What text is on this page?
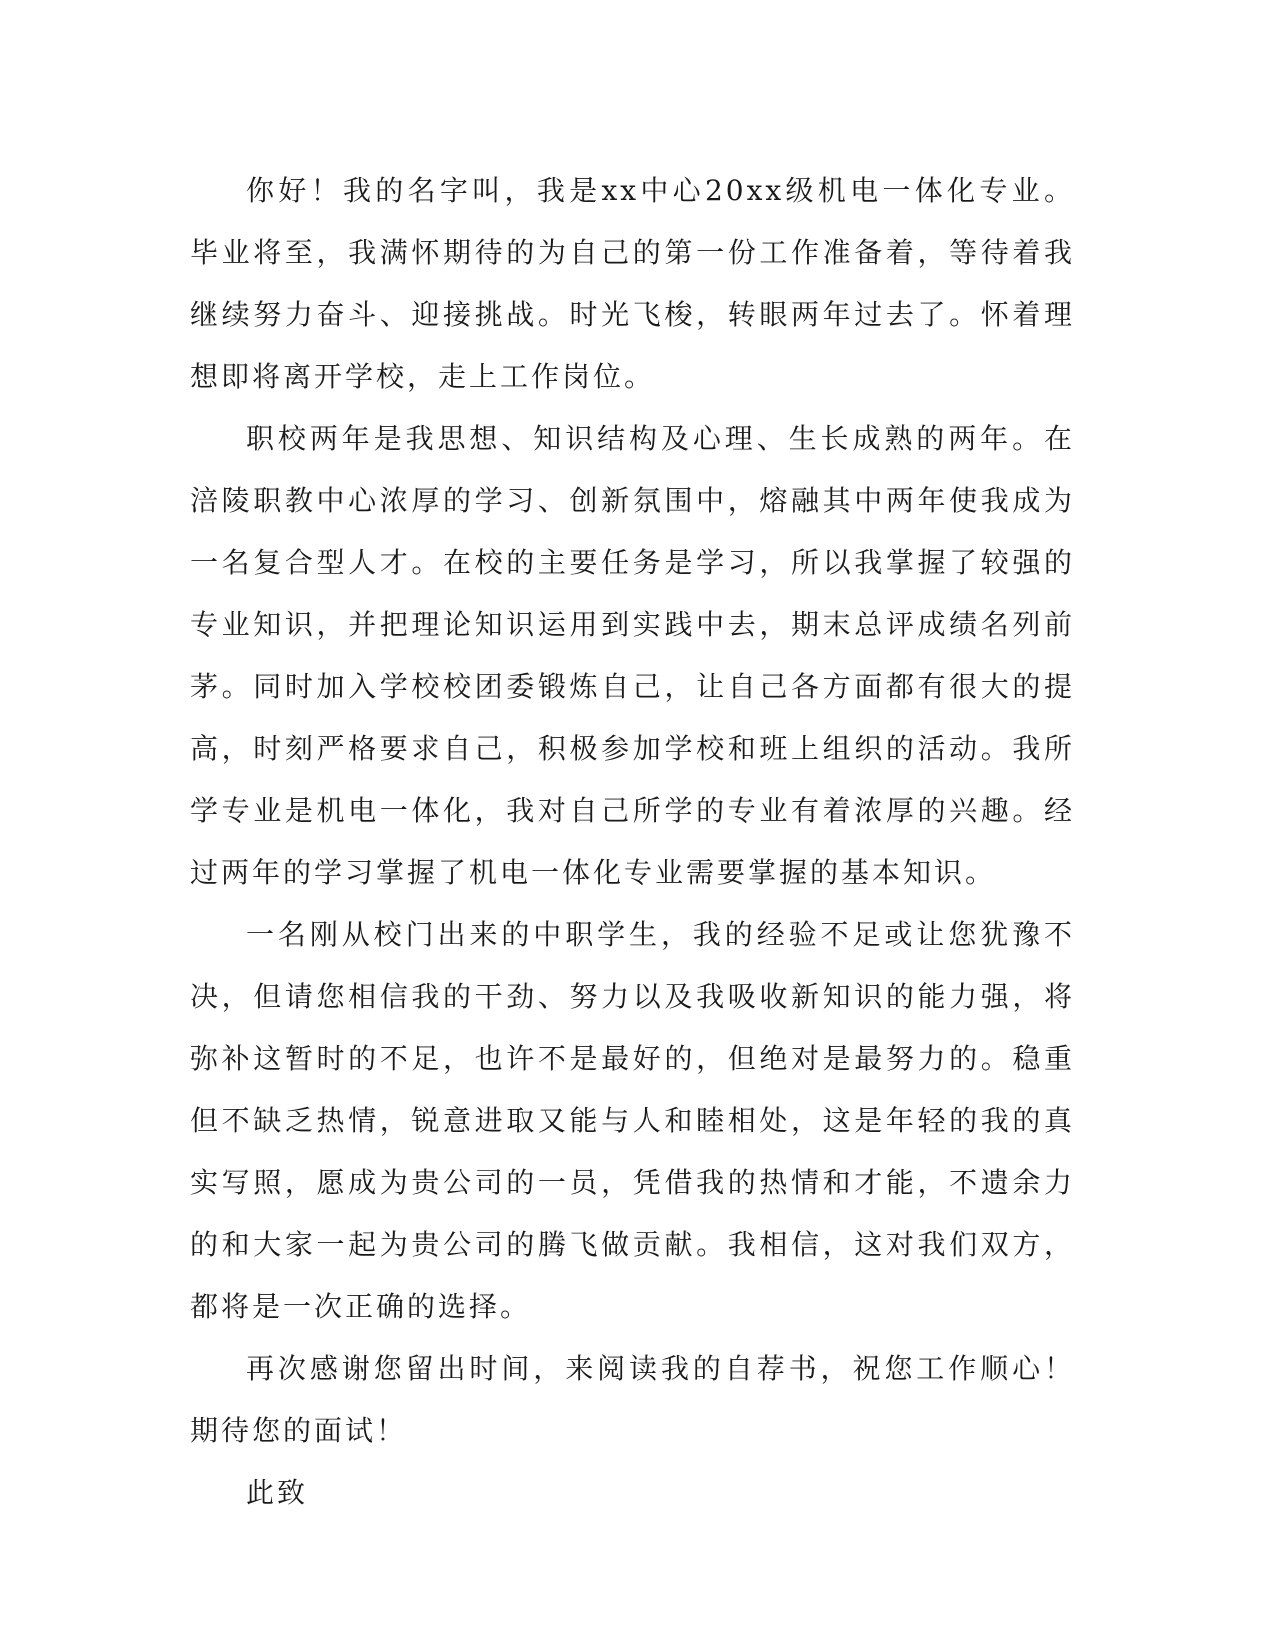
你好！我的名字叫，我是xx中心20xx级机电一体化专业。毕业将至，我满怀期待的为自己的第一份工作准备着，等待着我继续努力奋斗、迎接挑战。时光飞梭，转眼两年过去了。怀着理想即将离开学校，走上工作岗位。

职校两年是我思想、知识结构及心理、生长成熟的两年。在涪陵职教中心浓厚的学习、创新氛围中，熔融其中两年使我成为一名复合型人才。在校的主要任务是学习，所以我掌握了较强的专业知识，并把理论知识运用到实践中去，期末总评成绩名列前茅。同时加入学校校团委锻炼自己，让自己各方面都有很大的提高，时刻严格要求自己，积极参加学校和班上组织的活动。我所学专业是机电一体化，我对自己所学的专业有着浓厚的兴趣。经过两年的学习掌握了机电一体化专业需要掌握的基本知识。

一名刚从校门出来的中职学生，我的经验不足或让您犹豫不决，但请您相信我的干劲、努力以及我吸收新知识的能力强，将弥补这暂时的不足，也许不是最好的，但绝对是最努力的。稳重但不缺乏热情，锐意进取又能与人和睦相处，这是年轻的我的真实写照，愿成为贵公司的一员，凭借我的热情和才能，不遗余力的和大家一起为贵公司的腾飞做贡献。我相信，这对我们双方，都将是一次正确的选择。

再次感谢您留出时间，来阅读我的自荐书，祝您工作顺心！期待您的面试！

此致
